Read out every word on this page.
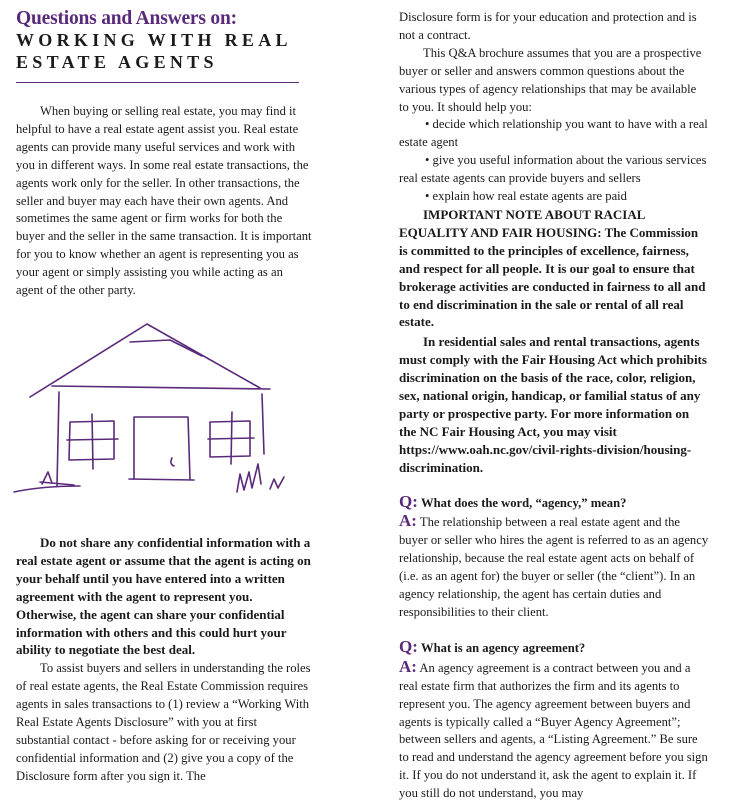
Questions and Answers on:
WORKING WITH REAL
ESTATE AGENTS

When buying or selling real estate, you may find it helpful to have a real estate agent assist you. Real estate agents can provide many useful services and work with you in different ways. In some real estate transactions, the agents work only for the seller. In other transactions, the seller and buyer may each have their own agents. And sometimes the same agent or firm works for both the buyer and the seller in the same transaction. It is important for you to know whether an agent is representing you as your agent or simply assisting you while acting as an agent of the other party.

Do not share any confidential information with a real estate agent or assume that the agent is acting on your behalf until you have entered into a written agreement with the agent to represent you. Otherwise, the agent can share your confidential information with others and this could hurt your ability to negotiate the best deal.

To assist buyers and sellers in understanding the roles of real estate agents, the Real Estate Commission requires agents in sales transactions to (1) review a “Working With Real Estate Agents Disclosure” with you at first substantial contact - before asking for or receiving your confidential information and (2) give you a copy of the Disclosure form after you sign it. The

Disclosure form is for your education and protection and is not a contract.

This Q&A brochure assumes that you are a prospective buyer or seller and answers common questions about the various types of agency relationships that may be available to you. It should help you:

• decide which relationship you want to have with a real estate agent

• give you useful information about the various services real estate agents can provide buyers and sellers

• explain how real estate agents are paid

IMPORTANT NOTE ABOUT RACIAL EQUALITY AND FAIR HOUSING: The Commission is committed to the principles of excellence, fairness, and respect for all people. It is our goal to ensure that brokerage activities are conducted in fairness to all and to end discrimination in the sale or rental of all real estate.

In residential sales and rental transactions, agents must comply with the Fair Housing Act which prohibits discrimination on the basis of the race, color, religion, sex, national origin, handicap, or familial status of any party or prospective party. For more information on the NC Fair Housing Act, you may visit https://www.oah.nc.gov/civil-rights-division/housing-discrimination.

Q: What does the word, “agency,” mean?

A: The relationship between a real estate agent and the buyer or seller who hires the agent is referred to as an agency relationship, because the real estate agent acts on behalf of (i.e. as an agent for) the buyer or seller (the “client”). In an agency relationship, the agent has certain duties and responsibilities to their client.

Q: What is an agency agreement?

A: An agency agreement is a contract between you and a real estate firm that authorizes the firm and its agents to represent you. The agency agreement between buyers and agents is typically called a “Buyer Agency Agreement”; between sellers and agents, a “Listing Agreement.” Be sure to read and understand the agency agreement before you sign it. If you do not understand it, ask the agent to explain it. If you still do not understand, you may
